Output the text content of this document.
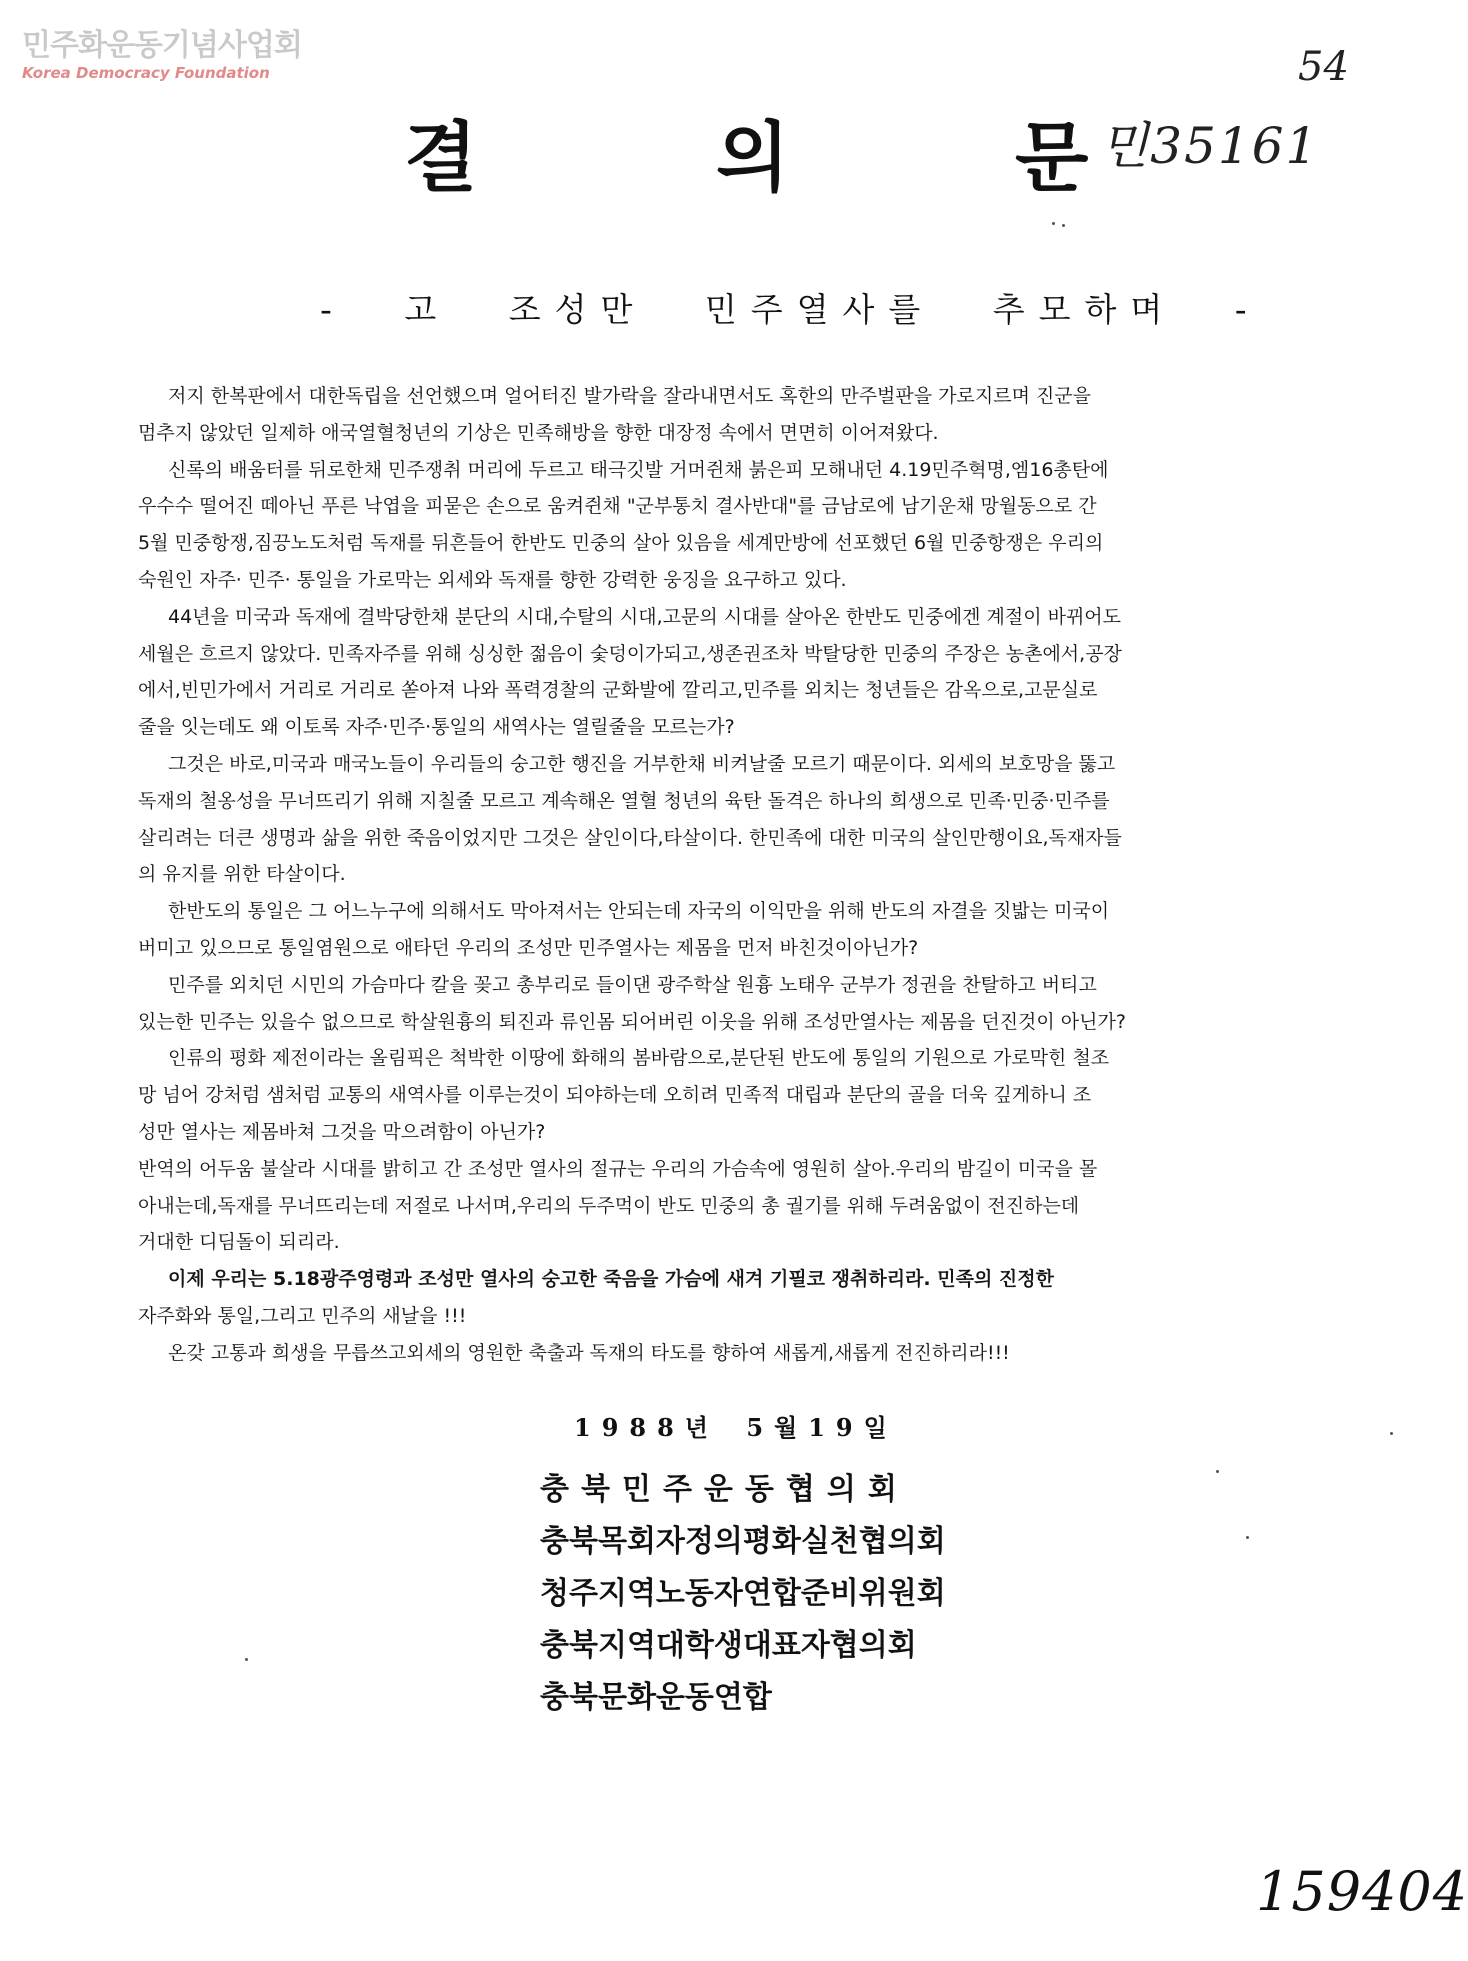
민주화운동기념사업회
Korea Democracy Foundation	54
결	의	문 민35161
- 고 조성만 민주열사를 추모하며 -
저지 한복판에서 대한독립을 선언했으며 얼어터진 발가락을 잘라내면서도 혹한의 만주벌판을 가로지르며 진군을
멈추지 않았던 일제하 애국열혈청년의 기상은 민족해방을 향한 대장정 속에서 면면히 이어져왔다.
신록의 배움터를 뒤로한채 민주쟁취 머리에 두르고 태극깃발 거머쥔채 붉은피 모해내던 4.19민주혁명,엠16총탄에
우수수 떨어진 떼아닌 푸른 낙엽을 피묻은 손으로 움켜쥔채 "군부통치 결사반대"를 금남로에 남기운채 망월동으로 간
5월 민중항쟁,짐끙노도처럼 독재를 뒤흔들어 한반도 민중의 살아 있음을 세계만방에 선포했던 6월 민중항쟁은 우리의
숙원인 자주· 민주· 통일을 가로막는 외세와 독재를 향한 강력한 웅징을 요구하고 있다.
44년을 미국과 독재에 결박당한채 분단의 시대,수탈의 시대,고문의 시대를 살아온 한반도 민중에겐 계절이 바뀌어도
세월은 흐르지 않았다. 민족자주를 위해 싱싱한 젊음이 숯덩이가되고,생존권조차 박탈당한 민중의 주장은 농촌에서,공장
에서,빈민가에서 거리로 거리로 쏟아져 나와 폭력경찰의 군화발에 깔리고,민주를 외치는 청년들은 감옥으로,고문실로
줄을 잇는데도 왜 이토록 자주·민주·통일의 새역사는 열릴줄을 모르는가?
그것은 바로,미국과 매국노들이 우리들의 숭고한 행진을 거부한채 비켜날줄 모르기 때문이다. 외세의 보호망을 뚫고
독재의 철옹성을 무너뜨리기 위해 지칠줄 모르고 계속해온 열혈 청년의 육탄 돌격은 하나의 희생으로 민족·민중·민주를
살리려는 더큰 생명과 삶을 위한 죽음이었지만 그것은 살인이다,타살이다. 한민족에 대한 미국의 살인만행이요,독재자들
의 유지를 위한 타살이다.
한반도의 통일은 그 어느누구에 의해서도 막아져서는 안되는데 자국의 이익만을 위해 반도의 자결을 짓밟는 미국이
버미고 있으므로 통일염원으로 애타던 우리의 조성만 민주열사는 제몸을 먼저 바친것이아닌가?
민주를 외치던 시민의 가슴마다 칼을 꽂고 총부리로 들이댄 광주학살 원흉 노태우 군부가 정권을 찬탈하고 버티고
있는한 민주는 있을수 없으므로 학살원흉의 퇴진과 류인몸 되어버린 이웃을 위해 조성만열사는 제몸을 던진것이 아닌가?
인류의 평화 제전이라는 올림픽은 척박한 이땅에 화해의 봄바람으로,분단된 반도에 통일의 기원으로 가로막힌 철조
망 넘어 강처럼 샘처럼 교통의 새역사를 이루는것이 되야하는데 오히려 민족적 대립과 분단의 골을 더욱 깊게하니 조
성만 열사는 제몸바쳐 그것을 막으려함이 아닌가?
반역의 어두움 불살라 시대를 밝히고 간 조성만 열사의 절규는 우리의 가슴속에 영원히 살아.우리의 밤길이 미국을 몰
아내는데,독재를 무너뜨리는데 저절로 나서며,우리의 두주먹이 반도 민중의 총 궐기를 위해 두려움없이 전진하는데
거대한 디딤돌이 되리라.
이제 우리는 5.18광주영령과 조성만 열사의 숭고한 죽음을 가슴에 새겨 기필코 쟁취하리라. 민족의 진정한
자주화와 통일,그리고 민주의 새날을 !!!
온갖 고통과 희생을 무릅쓰고외세의 영원한 축출과 독재의 타도를 향하여 새롭게,새롭게 전진하리라!!!
1988년 5월19일
충북민주운동협의회
충북목회자정의평화실천협의회
청주지역노동자연합준비위원회
충북지역대학생대표자협의회
충북문화운동연합
159404
